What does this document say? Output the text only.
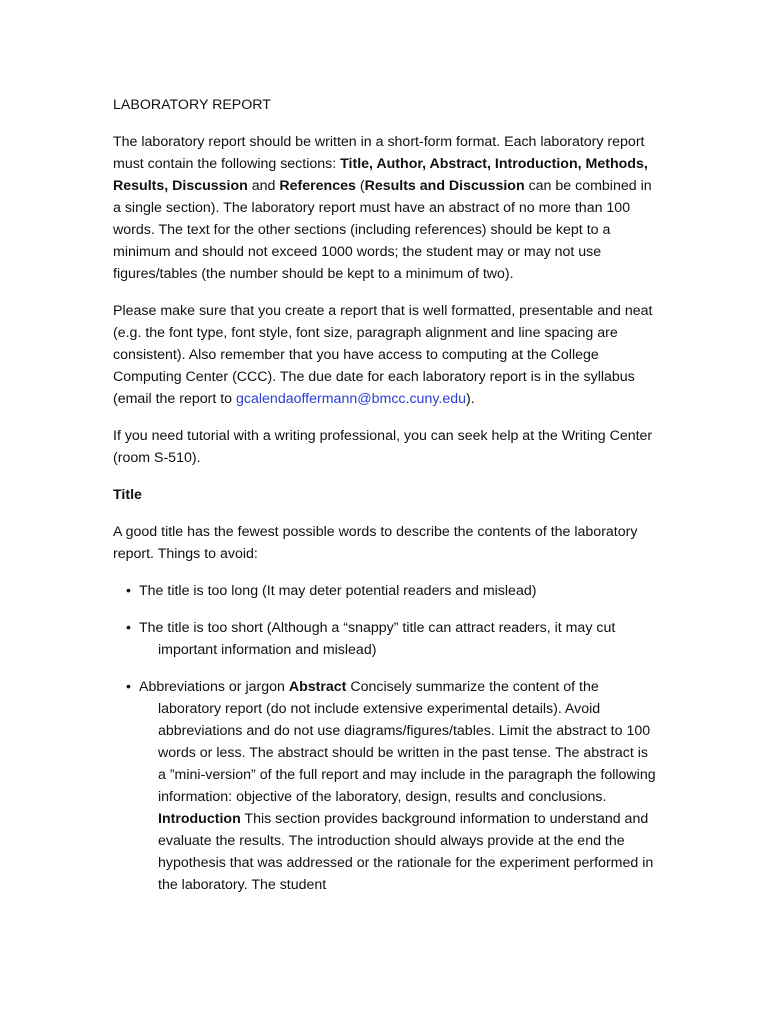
LABORATORY REPORT

The laboratory report should be written in a short-form format. Each laboratory report must contain the following sections: Title, Author, Abstract, Introduction, Methods, Results, Discussion and References (Results and Discussion can be combined in a single section). The laboratory report must have an abstract of no more than 100 words. The text for the other sections (including references) should be kept to a minimum and should not exceed 1000 words; the student may or may not use figures/tables (the number should be kept to a minimum of two).

Please make sure that you create a report that is well formatted, presentable and neat (e.g. the font type, font style, font size, paragraph alignment and line spacing are consistent). Also remember that you have access to computing at the College Computing Center (CCC). The due date for each laboratory report is in the syllabus (email the report to gcalendaoffermann@bmcc.cuny.edu).

If you need tutorial with a writing professional, you can seek help at the Writing Center (room S-510).

Title

A good title has the fewest possible words to describe the contents of the laboratory report. Things to avoid:

• The title is too long (It may deter potential readers and mislead)
• The title is too short (Although a “snappy” title can attract readers, it may cut important information and mislead)
• Abbreviations or jargon Abstract Concisely summarize the content of the laboratory report (do not include extensive experimental details). Avoid abbreviations and do not use diagrams/figures/tables. Limit the abstract to 100 words or less. The abstract should be written in the past tense. The abstract is a ”mini-version” of the full report and may include in the paragraph the following information: objective of the laboratory, design, results and conclusions. Introduction This section provides background information to understand and evaluate the results. The introduction should always provide at the end the hypothesis that was addressed or the rationale for the experiment performed in the laboratory. The student
